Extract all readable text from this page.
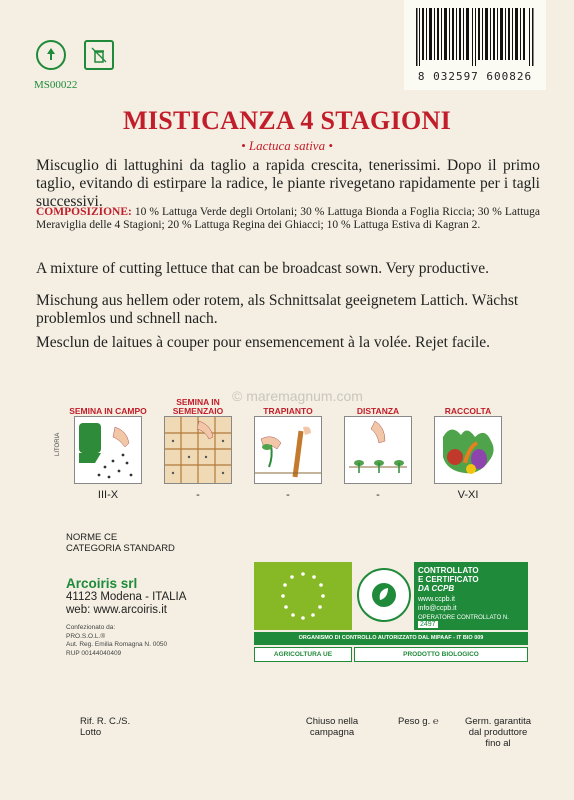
MS00022
8 032597 600826
MISTICANZA 4 STAGIONI
• Lactuca sativa •
Miscuglio di lattughini da taglio a rapida crescita, tenerissimi. Dopo il primo taglio, evitando di estirpare la radice, le piante rivegetano rapidamente per i tagli successivi.
COMPOSIZIONE: 10 % Lattuga Verde degli Ortolani; 30 % Lattuga Bionda a Foglia Riccia; 30 % Lattuga Meraviglia delle 4 Stagioni; 20 % Lattuga Regina dei Ghiacci; 10 % Lattuga Estiva di Kagran 2.
A mixture of cutting lettuce that can be broadcast sown. Very productive.
Mischung aus hellem oder rotem, als Schnittsalat geeignetem Lattich. Wächst problemlos und schnell nach.
Mesclun de laitues à couper pour ensemencement à la volée. Rejet facile.
© maremagnum.com
SEMINA IN CAMPO
III-X
SEMINA IN SEMENZAIO
-
TRAPIANTO
-
DISTANZA
-
RACCOLTA
V-XI
LITORIA
NORME CE
CATEGORIA STANDARD
Arcoiris srl
41123 Modena - ITALIA
web: www.arcoiris.it
Confezionato da:
PRO.S.O.L.®
Aut. Reg. Emilia Romagna N. 0050
RUP 00144040409
CONTROLLATO
E CERTIFICATO
DA CCPB
www.ccpb.it
info@ccpb.it
OPERATORE CONTROLLATO N. 2497
ORGANISMO DI CONTROLLO AUTORIZZATO DAL MIPAAF - IT BIO 009
AGRICOLTURA UE	PRODOTTO BIOLOGICO
Rif. R. C./S.
Lotto
Chiuso nella
campagna
Peso g. ℮	Germ. garantita
dal produttore
fino al
